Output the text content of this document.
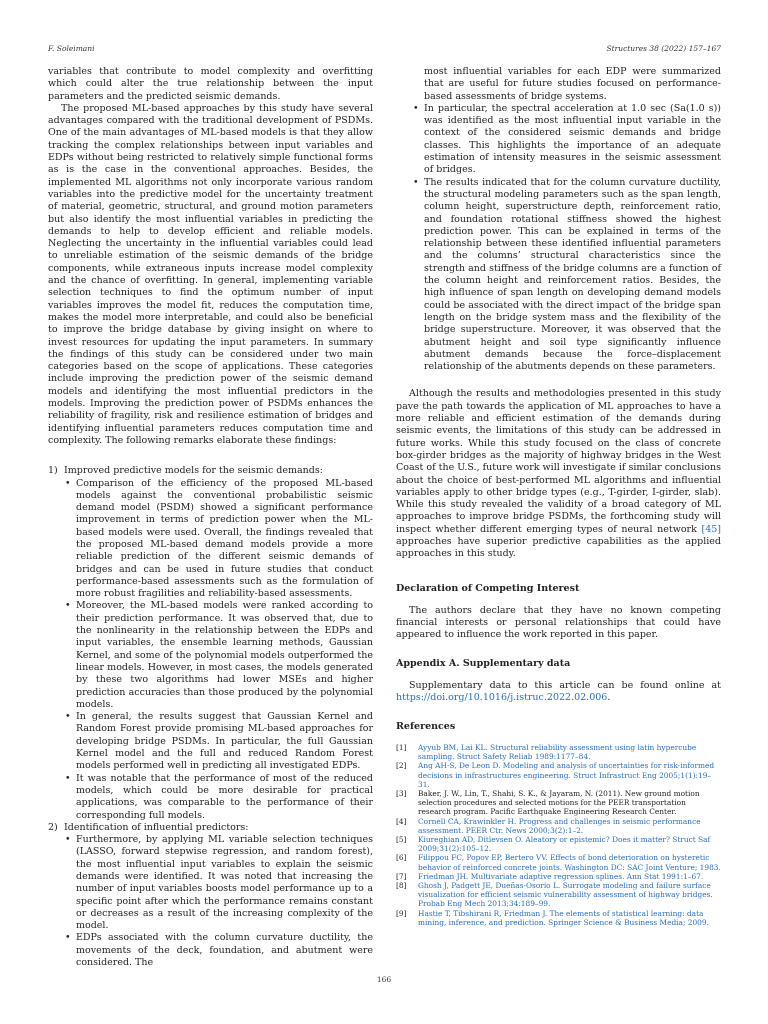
F. Soleimani	Structures 38 (2022) 157–167

variables that contribute to model complexity and overfitting which could alter the true relationship between the input parameters and the predicted seismic demands.

The proposed ML-based approaches by this study have several advantages compared with the traditional development of PSDMs. One of the main advantages of ML-based models is that they allow tracking the complex relationships between input variables and EDPs without being restricted to relatively simple functional forms as is the case in the conventional approaches. Besides, the implemented ML algorithms not only incorporate various random variables into the predictive model for the uncertainty treatment of material, geometric, structural, and ground motion parameters but also identify the most influential variables in predicting the demands to help to develop efficient and reliable models. Neglecting the uncertainty in the influential variables could lead to unreliable estimation of the seismic demands of the bridge components, while extraneous inputs increase model complexity and the chance of overfitting. In general, implementing variable selection techniques to find the optimum number of input variables improves the model fit, reduces the computation time, makes the model more interpretable, and could also be beneficial to improve the bridge database by giving insight on where to invest resources for updating the input parameters. In summary the findings of this study can be considered under two main categories based on the scope of applications. These categories include improving the prediction power of the seismic demand models and identifying the most influential predictors in the models. Improving the prediction power of PSDMs enhances the reliability of fragility, risk and resilience estimation of bridges and identifying influential parameters reduces computation time and complexity. The following remarks elaborate these findings:

1) Improved predictive models for the seismic demands:

• Comparison of the efficiency of the proposed ML-based models against the conventional probabilistic seismic demand model (PSDM) showed a significant performance improvement in terms of prediction power when the ML-based models were used. Overall, the findings revealed that the proposed ML-based demand models provide a more reliable prediction of the different seismic demands of bridges and can be used in future studies that conduct performance-based assessments such as the formulation of more robust fragilities and reliability-based assessments.

• Moreover, the ML-based models were ranked according to their prediction performance. It was observed that, due to the nonlinearity in the relationship between the EDPs and input variables, the ensemble learning methods, Gaussian Kernel, and some of the polynomial models outperformed the linear models. However, in most cases, the models generated by these two algorithms had lower MSEs and higher prediction accuracies than those produced by the polynomial models.

• In general, the results suggest that Gaussian Kernel and Random Forest provide promising ML-based approaches for developing bridge PSDMs. In particular, the full Gaussian Kernel model and the full and reduced Random Forest models performed well in predicting all investigated EDPs.

• It was notable that the performance of most of the reduced models, which could be more desirable for practical applications, was comparable to the performance of their corresponding full models.

2) Identification of influential predictors:

• Furthermore, by applying ML variable selection techniques (LASSO, forward stepwise regression, and random forest), the most influential input variables to explain the seismic demands were identified. It was noted that increasing the number of input variables boosts model performance up to a specific point after which the performance remains constant or decreases as a result of the increasing complexity of the model.

• EDPs associated with the column curvature ductility, the movements of the deck, foundation, and abutment were considered. The

most influential variables for each EDP were summarized that are useful for future studies focused on performance-based assessments of bridge systems.

• In particular, the spectral acceleration at 1.0 sec (Sa(1.0 s)) was identified as the most influential input variable in the context of the considered seismic demands and bridge classes. This highlights the importance of an adequate estimation of intensity measures in the seismic assessment of bridges.

• The results indicated that for the column curvature ductility, the structural modeling parameters such as the span length, column height, superstructure depth, reinforcement ratio, and foundation rotational stiffness showed the highest prediction power. This can be explained in terms of the relationship between these identified influential parameters and the columns’ structural characteristics since the strength and stiffness of the bridge columns are a function of the column height and reinforcement ratios. Besides, the high influence of span length on developing demand models could be associated with the direct impact of the bridge span length on the bridge system mass and the flexibility of the bridge superstructure. Moreover, it was observed that the abutment height and soil type significantly influence abutment demands because the force–displacement relationship of the abutments depends on these parameters.

Although the results and methodologies presented in this study pave the path towards the application of ML approaches to have a more reliable and efficient estimation of the demands during seismic events, the limitations of this study can be addressed in future works. While this study focused on the class of concrete box-girder bridges as the majority of highway bridges in the West Coast of the U.S., future work will investigate if similar conclusions about the choice of best-performed ML algorithms and influential variables apply to other bridge types (e.g., T-girder, I-girder, slab). While this study revealed the validity of a broad category of ML approaches to improve bridge PSDMs, the forthcoming study will inspect whether different emerging types of neural network [45] approaches have superior predictive capabilities as the applied approaches in this study.

Declaration of Competing Interest

The authors declare that they have no known competing financial interests or personal relationships that could have appeared to influence the work reported in this paper.

Appendix A. Supplementary data

Supplementary data to this article can be found online at https://doi.org/10.1016/j.istruc.2022.02.006.

References

[1] Ayyub BM, Lai KL. Structural reliability assessment using latin hypercube sampling. Struct Safety Reliab 1989:1177–84.

[2] Ang AH-S, De Leon D. Modeling and analysis of uncertainties for risk-informed decisions in infrastructures engineering. Struct Infrastruct Eng 2005;1(1):19–31.

[3] Baker, J. W., Lin, T., Shahi, S. K., & Jayaram, N. (2011). New ground motion selection procedures and selected motions for the PEER transportation research program. Pacific Earthquake Engineering Research Center.

[4] Cornell CA, Krawinkler H. Progress and challenges in seismic performance assessment. PEER Ctr. News 2000;3(2):1–2.

[5] Kiureghian AD, Ditlevsen O. Aleatory or epistemic? Does it matter? Struct Saf 2009;31(2):105–12.

[6] Filippou FC, Popov EP, Bertero VV. Effects of bond deterioration on hysteretic behavior of reinforced concrete joints. Washington DC: SAC Joint Venture; 1983.

[7] Friedman JH. Multivariate adaptive regression splines. Ann Stat 1991:1–67.

[8] Ghosh J, Padgett JE, Dueñas-Osorio L. Surrogate modeling and failure surface visualization for efficient seismic vulnerability assessment of highway bridges. Probab Eng Mech 2013;34:189–99.

[9] Hastie T, Tibshirani R, Friedman J. The elements of statistical learning: data mining, inference, and prediction. Springer Science & Business Media; 2009.

166
